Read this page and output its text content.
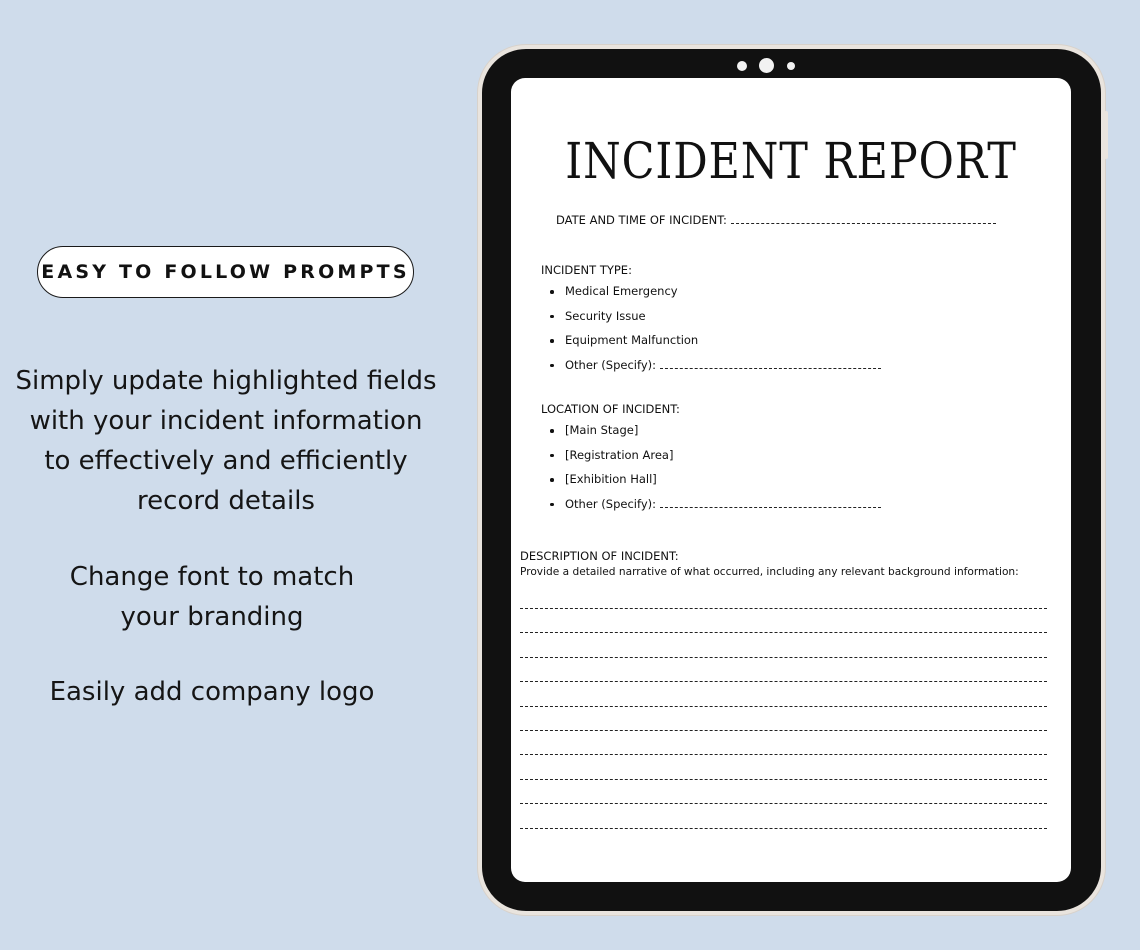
EASY TO FOLLOW PROMPTS

Simply update highlighted fields with your incident information to effectively and efficiently record details

Change font to match your branding

Easily add company logo

INCIDENT REPORT
DATE AND TIME OF INCIDENT:
INCIDENT TYPE:
Medical Emergency
Security Issue
Equipment Malfunction
Other (Specify):
LOCATION OF INCIDENT:
[Main Stage]
[Registration Area]
[Exhibition Hall]
Other (Specify):
DESCRIPTION OF INCIDENT:
Provide a detailed narrative of what occurred, including any relevant background information:
